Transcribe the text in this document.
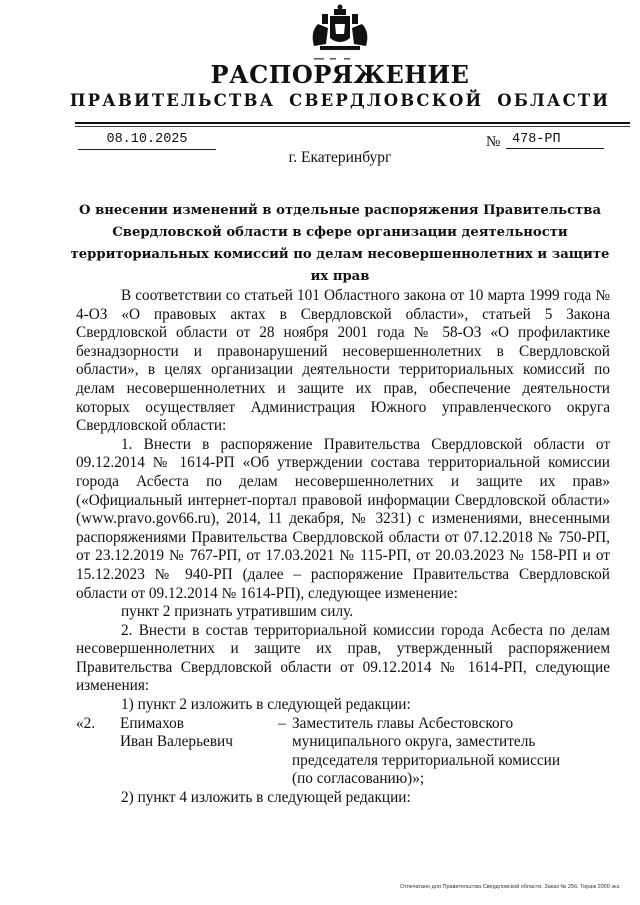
РАСПОРЯЖЕНИЕ
ПРАВИТЕЛЬСТВА СВЕРДЛОВСКОЙ ОБЛАСТИ
08.10.2025	№ 478-РП
г. Екатеринбург
О внесении изменений в отдельные распоряжения Правительства
Свердловской области в сфере организации деятельности
территориальных комиссий по делам несовершеннолетних и защите их прав

В соответствии со статьей 101 Областного закона от 10 марта 1999 года № 4-ОЗ «О правовых актах в Свердловской области», статьей 5 Закона Свердловской области от 28 ноября 2001 года № 58-ОЗ «О профилактике безнадзорности и правонарушений несовершеннолетних в Свердловской области», в целях организации деятельности территориальных комиссий по делам несовершеннолетних и защите их прав, обеспечение деятельности которых осуществляет Администрация Южного управленческого округа Свердловской области:

1. Внести в распоряжение Правительства Свердловской области от 09.12.2014 № 1614-РП «Об утверждении состава территориальной комиссии города Асбеста по делам несовершеннолетних и защите их прав» («Официальный интернет-портал правовой информации Свердловской области» (www.pravo.gov66.ru), 2014, 11 декабря, № 3231) с изменениями, внесенными распоряжениями Правительства Свердловской области от 07.12.2018 № 750-РП, от 23.12.2019 № 767-РП, от 17.03.2021 № 115-РП, от 20.03.2023 № 158-РП и от 15.12.2023 № 940-РП (далее – распоряжение Правительства Свердловской области от 09.12.2014 № 1614-РП), следующее изменение:

пункт 2 признать утратившим силу.

2. Внести в состав территориальной комиссии города Асбеста по делам несовершеннолетних и защите их прав, утвержденный распоряжением Правительства Свердловской области от 09.12.2014 № 1614-РП, следующие изменения:

1) пункт 2 изложить в следующей редакции:

«2.	Епимахов
Иван Валерьевич
– Заместитель главы Асбестовского
муниципального округа, заместитель
председателя территориальной комиссии
(по согласованию)»;

2) пункт 4 изложить в следующей редакции:

Отпечатано для Правительства Свердловской области. Заказ № 256. Тираж 2000 экз.
